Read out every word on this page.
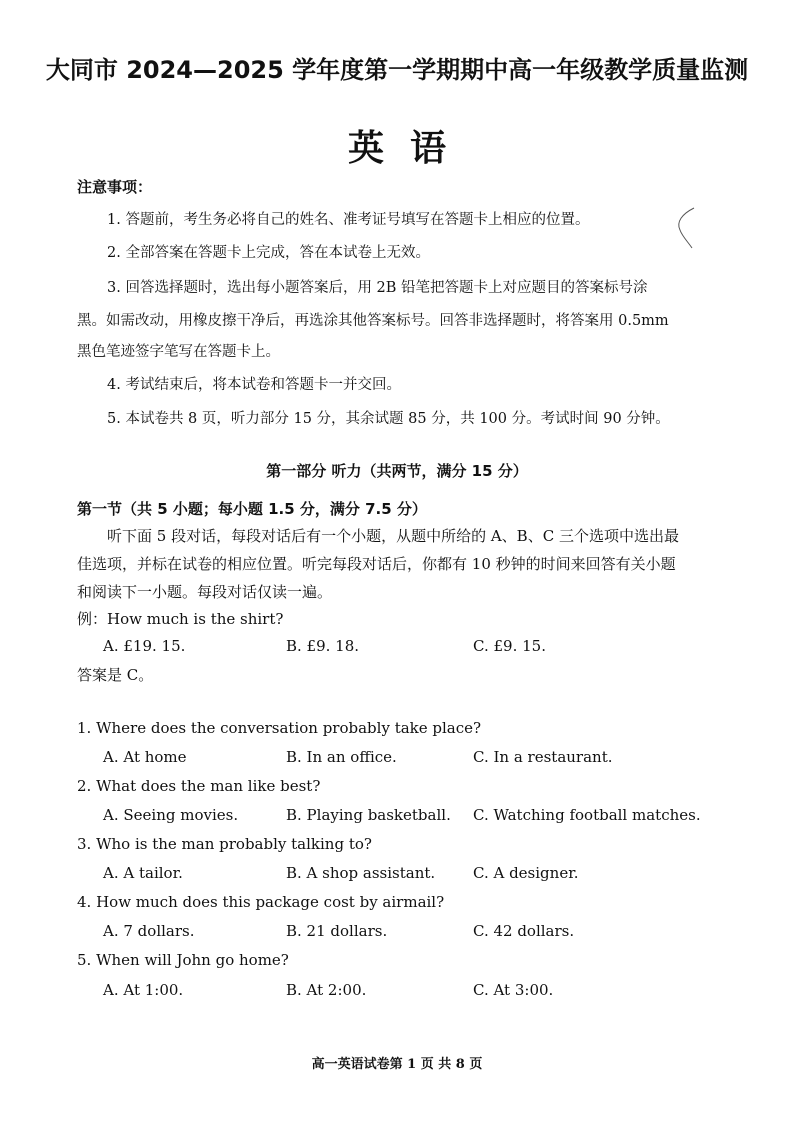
大同市 2024—2025 学年度第一学期期中高一年级教学质量监测
英语
注意事项：
1. 答题前，考生务必将自己的姓名、准考证号填写在答题卡上相应的位置。
2. 全部答案在答题卡上完成，答在本试卷上无效。
3. 回答选择题时，选出每小题答案后，用 2B 铅笔把答题卡上对应题目的答案标号涂
黑。如需改动，用橡皮擦干净后，再选涂其他答案标号。回答非选择题时，将答案用 0.5mm
黑色笔迹签字笔写在答题卡上。
4. 考试结束后，将本试卷和答题卡一并交回。
5. 本试卷共 8 页，听力部分 15 分，其余试题 85 分，共 100 分。考试时间 90 分钟。
第一部分 听力（共两节，满分 15 分）
第一节（共 5 小题；每小题 1.5 分，满分 7.5 分）
听下面 5 段对话，每段对话后有一个小题，从题中所给的 A、B、C 三个选项中选出最
佳选项，并标在试卷的相应位置。听完每段对话后，你都有 10 秒钟的时间来回答有关小题
和阅读下一小题。每段对话仅读一遍。
例：How much is the shirt?
A. £19. 15.	B. £9. 18.	C. £9. 15.
答案是 C。
1. Where does the conversation probably take place?
A. At home	B. In an office.	C. In a restaurant.
2. What does the man like best?
A. Seeing movies.	B. Playing basketball. C. Watching football matches.
3. Who is the man probably talking to?
A. A tailor.	B. A shop assistant.	C. A designer.
4. How much does this package cost by airmail?
A. 7 dollars.	B. 21 dollars.	C. 42 dollars.
5. When will John go home?
A. At 1:00.	B. At 2:00.	C. At 3:00.
高一英语试卷第 1 页 共 8 页
